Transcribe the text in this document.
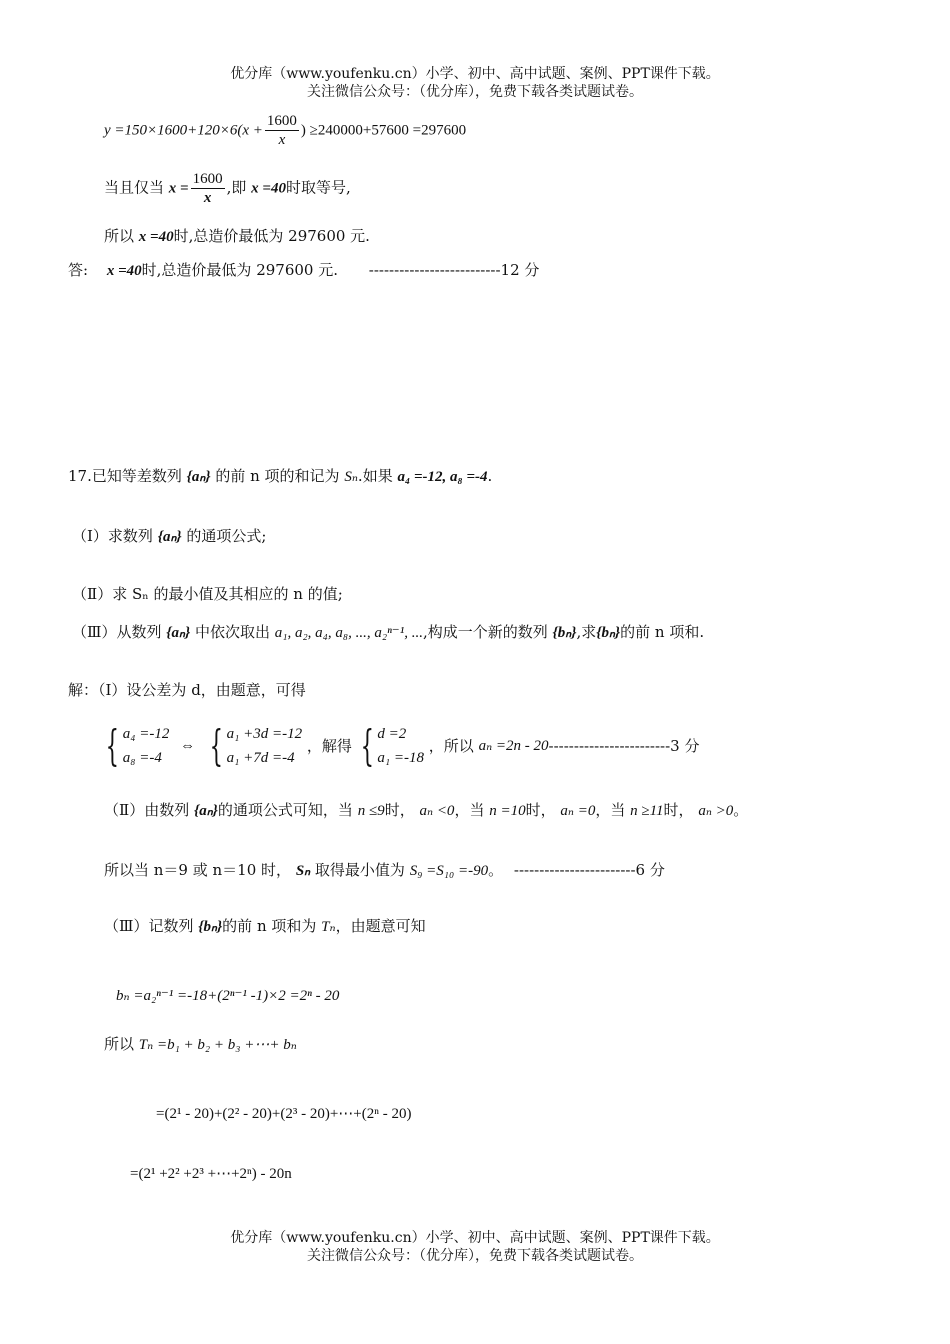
优分库（www.youfenku.cn）小学、初中、高中试题、案例、PPT课件下载。
关注微信公众号：（优分库），免费下载各类试题试卷。
$y =150\times 1600+120\times 6(x + \frac{1600}{x}$ ) ≥240000+57600 =297600
当且仅当 $x = \frac{1600}{x}$ ,即 x =40时取等号,
所以 x =40时,总造价最低为 297600 元.
答: x =40时,总造价最低为 297600 元. --------------------------12 分
17.已知等差数列 {aₙ} 的前 n 项的和记为 Sₙ.如果 a₄ =-12, a₈ =-4.
（Ⅰ）求数列 {aₙ} 的通项公式;
（Ⅱ）求 Sₙ 的最小值及其相应的 n 的值;
（Ⅲ）从数列 {aₙ} 中依次取出 a₁, a₂, a₄, a₈, ..., a₂ⁿ⁻¹, ...,构成一个新的数列 {bₙ},求{bₙ}的前 n 项和.
解：（Ⅰ）设公差为 d，由题意，可得
{ a₄ =-12
a₈ =-4
⇔ { a₁ +3d =-12
a₁ +7d =-4
，解得 { d =2
a₁ =-18
，所以 aₙ =2n - 20------------------------3 分
（Ⅱ）由数列 {aₙ}的通项公式可知，当 n ≤9时， aₙ <0，当 n =10时， aₙ =0，当 n ≥11时， aₙ >0。
所以当 n＝9 或 n＝10 时， Sₙ 取得最小值为 S₉ =S₁₀ =-90。 ------------------------6 分
（Ⅲ）记数列 {bₙ}的前 n 项和为 Tₙ，由题意可知
bₙ =a₂ⁿ⁻¹ =-18+(2ⁿ⁻¹ -1)×2 =2ⁿ - 20
所以 Tₙ =b₁ + b₂ + b₃ +⋯+ bₙ
=(2¹ - 20)+(2² - 20)+(2³ - 20)+⋯+(2ⁿ - 20)
=(2¹ +2² +2³ +⋯+2ⁿ) - 20n
优分库（www.youfenku.cn）小学、初中、高中试题、案例、PPT课件下载。
关注微信公众号：（优分库），免费下载各类试题试卷。
